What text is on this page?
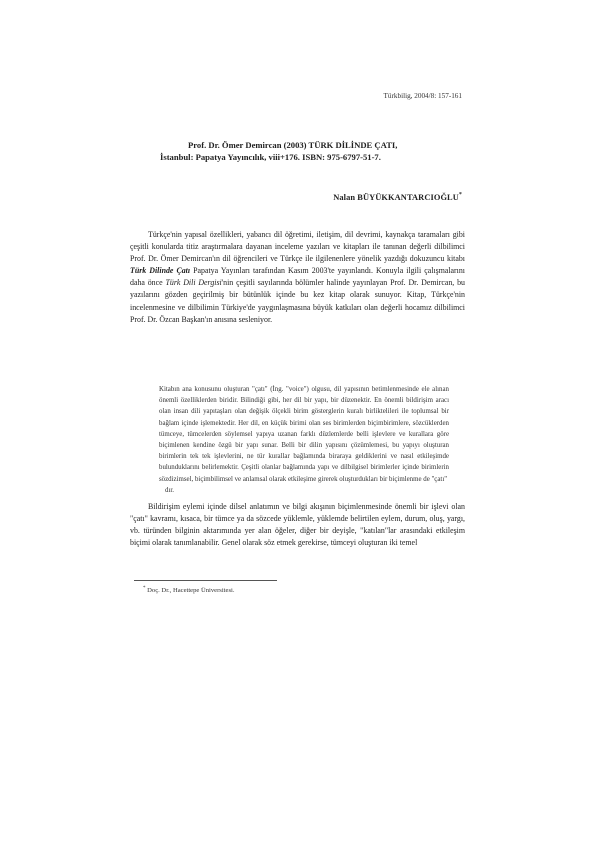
Türkbilig, 2004/8: 157-161
Prof. Dr. Ömer Demircan (2003) TÜRK DİLİNDE ÇATI,
İstanbul: Papatya Yayıncılık, viii+176. ISBN: 975-6797-51-7.
Nalan BÜYÜKKANTARCIOĞLU*

Türkçe'nin yapısal özellikleri, yabancı dil öğretimi, iletişim, dil devrimi, kaynakça taramaları gibi çeşitli konularda titiz araştırmalara dayanan inceleme yazıları ve kitapları ile tanınan değerli dilbilimci Prof. Dr. Ömer Demircan'ın dil öğrencileri ve Türkçe ile ilgilenenlere yönelik yazdığı dokuzuncu kitabı Türk Dilinde Çatı Papatya Yayınları tarafından Kasım 2003'te yayınlandı. Konuyla ilgili çalışmalarını daha önce Türk Dili Dergisi'nin çeşitli sayılarında bölümler halinde yayınlayan Prof. Dr. Demircan, bu yazılarını gözden geçirilmiş bir bütünlük içinde bu kez kitap olarak sunuyor. Kitap, Türkçe'nin incelenmesine ve dilbilimin Türkiye'de yaygınlaşmasına büyük katkıları olan değerli hocamız dilbilimci Prof. Dr. Özcan Başkan'ın anısına sesleniyor.

Kitabın ana konusunu oluşturan "çatı" (İng. "voice") olgusu, dil yapısının betimlenmesinde ele alınan önemli özelliklerden biridir. Bilindiği gibi, her dil bir yapı, bir düzenektir. En önemli bildirişim aracı olan insan dili yapıtaşları olan değişik ölçekli birim gösterglerin kuralı birliktelileri ile toplumsal bir bağlam içinde işlemektedir. Her dil, en küçük birimi olan ses birimlerden biçimbirimlere, sözcüklerden tümceye, tümcelerden söylemsel yapıya uzanan farklı düzlemlerde belli işlevlere ve kurallara göre biçimlenen kendine özgü bir yapı sunar. Belli bir dilin yapısını çözümlemesi, bu yapıyı oluşturan birimlerin tek tek işlevlerini, ne tür kurallar bağlamında biraraya geldiklerini ve nasıl etkileşimde bulunduklarını belirlemektir. Çeşitli olanlar bağlamında yapı ve dilbilgisel birimlerler içinde birimlerin sözdizimsel, biçimbilimsel ve anlamsal olarak etkileşime girerek oluşturdukları bir biçimlenme de "çatı"
dır.

Bildirişim eylemi içinde dilsel anlatımın ve bilgi akışının biçimlenmesinde önemli bir işlevi olan "çatı" kavramı, kısaca, bir tümce ya da sözcede yüklemle, yüklemde belirtilen eylem, durum, oluş, yargı, vb. türünden bilginin aktarımında yer alan öğeler, diğer bir deyişle, "katılan"lar arasındaki etkileşim biçimi olarak tanımlanabilir. Genel olarak söz etmek gerekirse, tümceyi oluşturan iki temel

* Doç. Dr., Hacettepe Üniversitesi.
